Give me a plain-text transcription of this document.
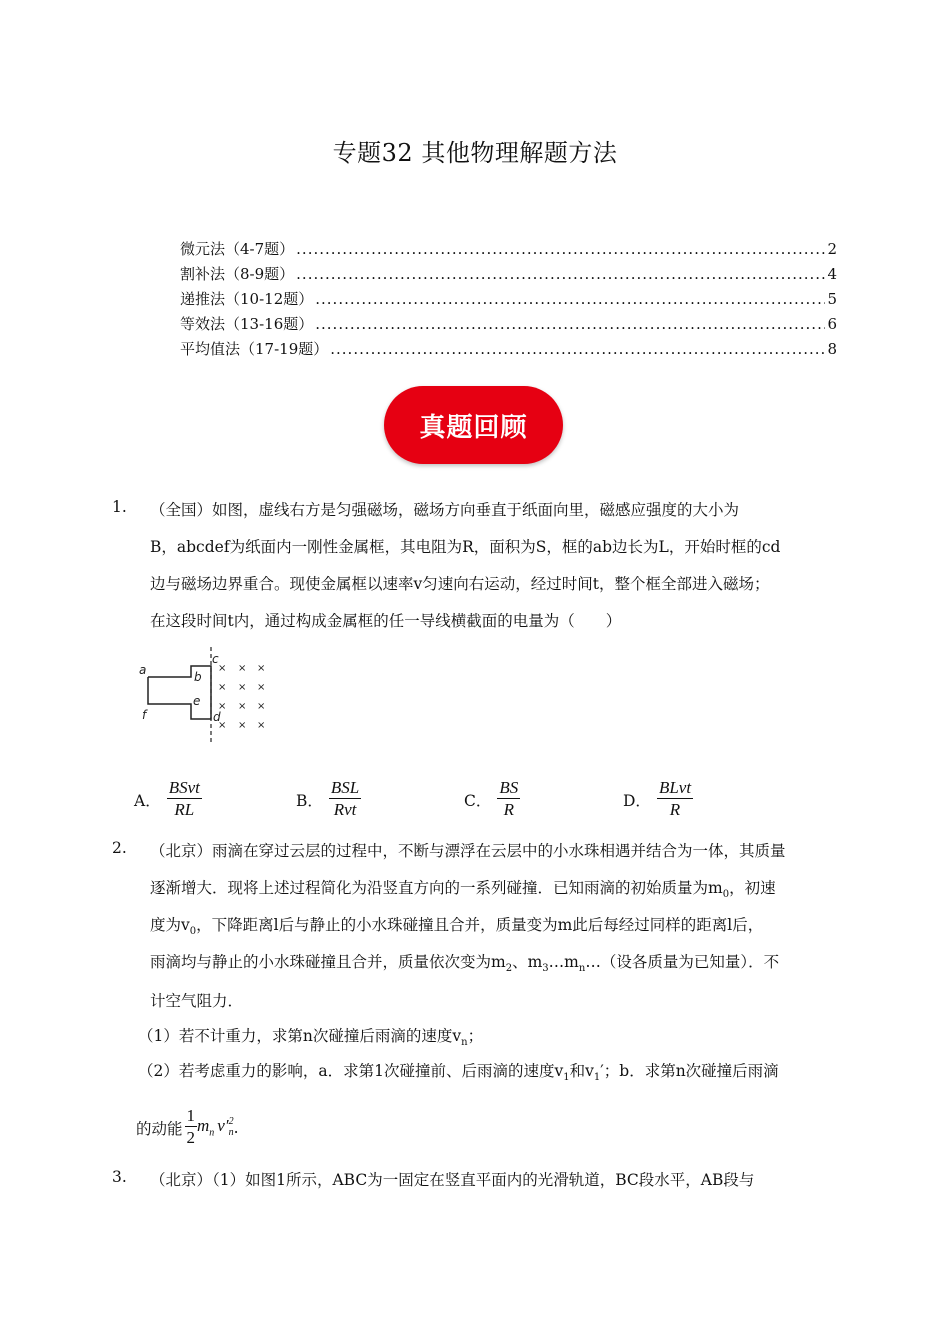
专题32 其他物理解题方法
微元法（4-7题） .....	2
割补法（8-9题） .....	4
递推法（10-12题） .....	5
等效法（13-16题） .....	6
平均值法（17-19题） .....	8
真题回顾
1. （全国）如图，虚线右方是匀强磁场，磁场方向垂直于纸面向里，磁感应强度的大小为
B，abcdef为纸面内一刚性金属框，其电阻为R，面积为S，框的ab边长为L，开始时框的cd
边与磁场边界重合。现使金属框以速率v匀速向右运动，经过时间t，整个框全部进入磁场；
在这段时间t内，通过构成金属框的任一导线横截面的电量为（　　）
a	b
c
d
e
f
× × ×
× × ×
× × ×
× × ×
A． $\frac{\text{BSvt}}{RL}$	B． $\frac{\text{BSL}}{\text{Rvt}}$	C． $\frac{BS}{R}$	D． $\frac{\text{BLvt}}{R}$
2. （北京）雨滴在穿过云层的过程中，不断与漂浮在云层中的小水珠相遇并结合为一体，其质量
逐渐增大．现将上述过程简化为沿竖直方向的一系列碰撞．已知雨滴的初始质量为$m_0$，初速
度为$v_0$，下降距离l后与静止的小水珠碰撞且合并，质量变为m此后每经过同样的距离l后，
雨滴均与静止的小水珠碰撞且合并，质量依次变为$m_2$、$m_3\dots m_n\dots$（设各质量为已知量）．不
计空气阻力．
（1）若不计重力，求第n次碰撞后雨滴的速度$v_n$；
（2）若考虑重力的影响，a．求第1次碰撞前、后雨滴的速度$v_1$和$v_1'$；b．求第n次碰撞后雨滴
的动能 $\frac{1}{2} m_n$ v′ 2
n .
3. （北京）（1）如图1所示，ABC为一固定在竖直平面内的光滑轨道，BC段水平，AB段与
